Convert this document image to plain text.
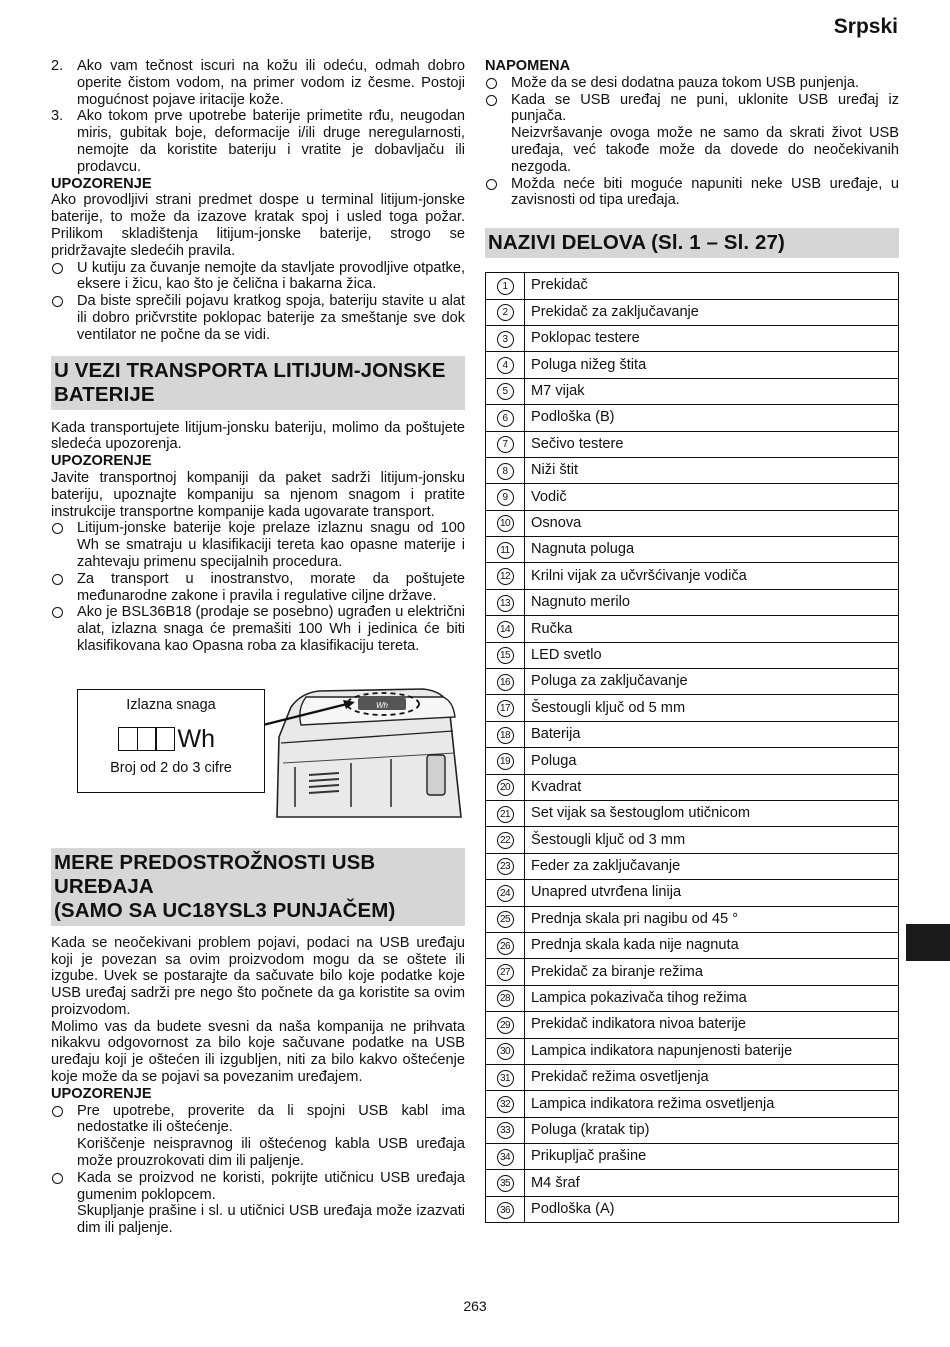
Srpski
2. Ako vam tečnost iscuri na kožu ili odeću, odmah dobro operite čistom vodom, na primer vodom iz česme. Postoji mogućnost pojave iritacije kože.
3. Ako tokom prve upotrebe baterije primetite rđu, neugodan miris, gubitak boje, deformacije i/ili druge neregularnosti, nemojte da koristite bateriju i vratite je dobavljaču ili prodavcu.

UPOZORENJE

Ako provodljivi strani predmet dospe u terminal litijum-jonske baterije, to može da izazove kratak spoj i usled toga požar. Prilikom skladištenja litijum-jonske baterije, strogo se pridržavajte sledećih pravila.

U kutiju za čuvanje nemojte da stavljate provodljive otpatke, eksere i žicu, kao što je čelična i bakarna žica.
Da biste sprečili pojavu kratkog spoja, bateriju stavite u alat ili dobro pričvrstite poklopac baterije za smeštanje sve dok ventilator ne počne da se vidi.
U VEZI TRANSPORTA LITIJUM-JONSKE BATERIJE

Kada transportujete litijum-jonsku bateriju, molimo da poštujete sledeća upozorenja.

UPOZORENJE

Javite transportnoj kompaniji da paket sadrži litijum-jonsku bateriju, upoznajte kompaniju sa njenom snagom i pratite instrukcije transportne kompanije kada ugovarate transport.

Litijum-jonske baterije koje prelaze izlaznu snagu od 100 Wh se smatraju u klasifikaciji tereta kao opasne materije i zahtevaju primenu specijalnih procedura.
Za transport u inostranstvo, morate da poštujete međunarodne zakone i pravila i regulative ciljne države.
Ako je BSL36B18 (prodaje se posebno) ugrađen u električni alat, izlazna snaga će premašiti 100 Wh i jedinica će biti klasifikovana kao Opasna roba za klasifikaciju tereta.
Wh
Izlazna snaga
Wh
Broj od 2 do 3 cifre
MERE PREDOSTROŽNOSTI USB
UREĐAJA
(SAMO SA UC18YSL3 PUNJAČEM)

Kada se neočekivani problem pojavi, podaci na USB uređaju koji je povezan sa ovim proizvodom mogu da se oštete ili izgube. Uvek se postarajte da sačuvate bilo koje podatke koje USB uređaj sadrži pre nego što počnete da ga koristite sa ovim proizvodom.

Molimo vas da budete svesni da naša kompanija ne prihvata nikakvu odgovornost za bilo koje sačuvane podatke na USB uređaju koji je oštećen ili izgubljen, niti za bilo kakvo oštećenje koje može da se pojavi sa povezanim uređajem.

UPOZORENJE

Pre upotrebe, proverite da li spojni USB kabl ima nedostatke ili oštećenje.
Koriščenje neispravnog ili oštećenog kabla USB uređaja može prouzrokovati dim ili paljenje.
Kada se proizvod ne koristi, pokrijte utičnicu USB uređaja gumenim poklopcem.
Skupljanje prašine i sl. u utičnici USB uređaja može izazvati dim ili paljenje.

NAPOMENA

Može da se desi dodatna pauza tokom USB punjenja.
Kada se USB uređaj ne puni, uklonite USB uređaj iz punjača.
Neizvršavanje ovoga može ne samo da skrati život USB uređaja, već takođe može da dovede do neočekivanih nezgoda.
Možda neće biti moguće napuniti neke USB uređaje, u zavisnosti od tipa uređaja.
NAZIVI DELOVA (Sl. 1 – Sl. 27)
1	Prekidač
2	Prekidač za zaključavanje
3	Poklopac testere
4	Poluga nižeg štita
5	M7 vijak
6	Podloška (B)
7	Sečivo testere
8	Niži štit
9	Vodič
10	Osnova
11	Nagnuta poluga
12	Krilni vijak za učvršćivanje vodiča
13	Nagnuto merilo
14	Ručka
15	LED svetlo
16	Poluga za zaključavanje
17	Šestougli ključ od 5 mm
18	Baterija
19	Poluga
20	Kvadrat
21	Set vijak sa šestouglom utičnicom
22	Šestougli ključ od 3 mm
23	Feder za zaključavanje
24	Unapred utvrđena linija
25	Prednja skala pri nagibu od 45 °
26	Prednja skala kada nije nagnuta
27	Prekidač za biranje režima
28	Lampica pokazivača tihog režima
29	Prekidač indikatora nivoa baterije
30	Lampica indikatora napunjenosti baterije
31	Prekidač režima osvetljenja
32	Lampica indikatora režima osvetljenja
33	Poluga (kratak tip)
34	Prikupljač prašine
35	M4 šraf
36	Podloška (A)
263
